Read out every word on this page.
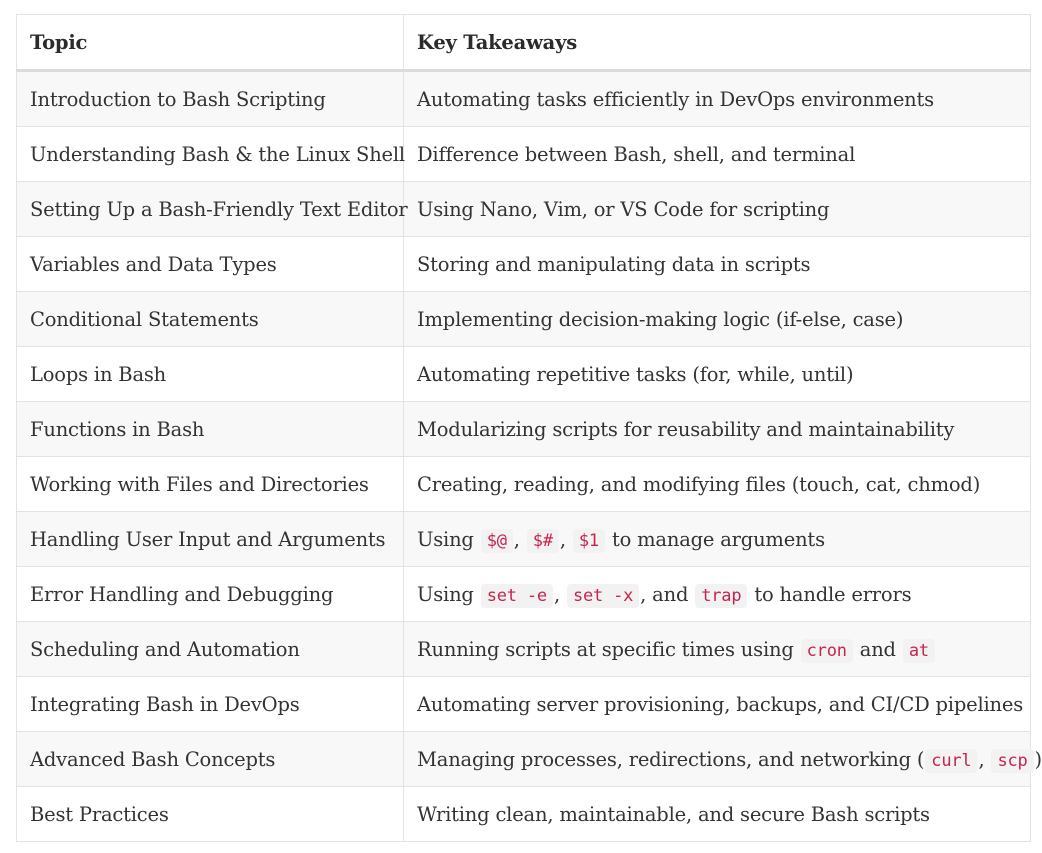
Topic	Key Takeaways
Introduction to Bash Scripting	Automating tasks efficiently in DevOps environments
Understanding Bash & the Linux Shell	Difference between Bash, shell, and terminal
Setting Up a Bash-Friendly Text Editor	Using Nano, Vim, or VS Code for scripting
Variables and Data Types	Storing and manipulating data in scripts
Conditional Statements	Implementing decision-making logic (if-else, case)
Loops in Bash	Automating repetitive tasks (for, while, until)
Functions in Bash	Modularizing scripts for reusability and maintainability
Working with Files and Directories	Creating, reading, and modifying files (touch, cat, chmod)
Handling User Input and Arguments	Using $@ , $# , $1 to manage arguments
Error Handling and Debugging	Using set -e , set -x , and trap to handle errors
Scheduling and Automation	Running scripts at specific times using cron and at
Integrating Bash in DevOps	Automating server provisioning, backups, and CI/CD pipelines
Advanced Bash Concepts	Managing processes, redirections, and networking ( curl , scp )
Best Practices	Writing clean, maintainable, and secure Bash scripts
